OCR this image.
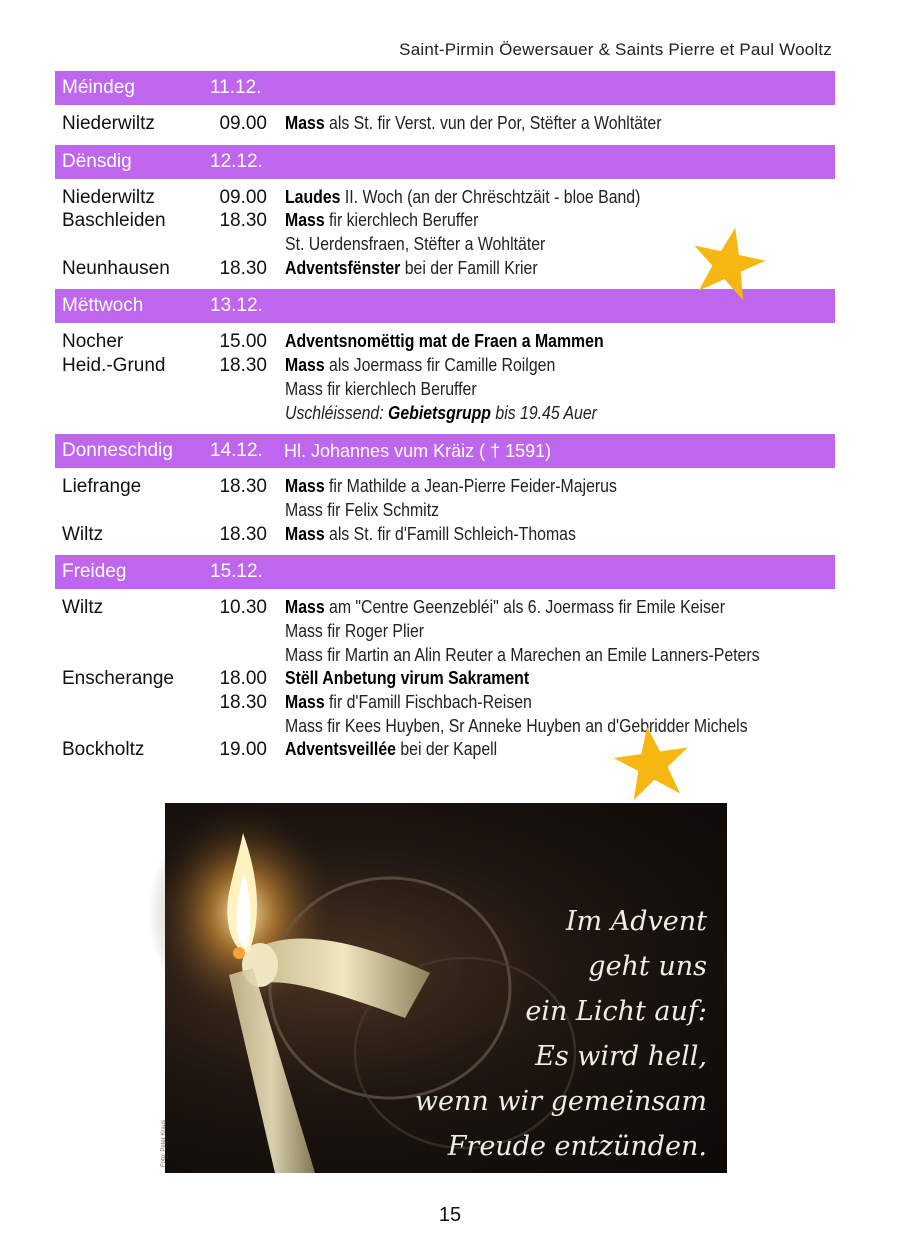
Saint-Pirmin Öewersauer & Saints Pierre et Paul Wooltz
Méindeg	11.12.
Niederwiltz	09.00 Mass als St. fir Verst. vun der Por, Stëfter a Wohltäter
Dënsdig	12.12.
Niederwiltz	09.00 Laudes II. Woch (an der Chrëschtzäit - bloe Band)
Baschleiden	18.30 Mass fir kierchlech Beruffer
St. Uerdensfraen, Stëfter a Wohltäter
Neunhausen	18.30 Adventsfënster bei der Famill Krier
Mëttwoch	13.12.
Nocher	15.00 Adventsnomëttig mat de Fraen a Mammen
Heid.-Grund	18.30 Mass als Joermass fir Camille Roilgen
Mass fir kierchlech Beruffer
Uschléissend: Gebietsgrupp bis 19.45 Auer
Donneschdig 14.12. Hl. Johannes vum Kräiz ( † 1591)
Liefrange	18.30 Mass fir Mathilde a Jean-Pierre Feider-Majerus
Mass fir Felix Schmitz
Wiltz	18.30 Mass als St. fir d'Famill Schleich-Thomas
Freideg	15.12.
Wiltz	10.30 Mass am "Centre Geenzebléi" als 6. Joermass fir Emile Keiser
Mass fir Roger Plier
Mass fir Martin an Alin Reuter a Marechen an Emile Lanners-Peters
Enscherange	18.00 Stëll Anbetung virum Sakrament
18.30 Mass fir d'Famill Fischbach-Reisen
Mass fir Kees Huyben, Sr Anneke Huyben an d'Gebridder Michels
Bockholtz	19.00 Adventsveillée bei der Kapell
Im Advent
geht uns
ein Licht auf:
Es wird hell,
wenn wir gemeinsam
Freude entzünden.
Foto: Peter Kraus
15
